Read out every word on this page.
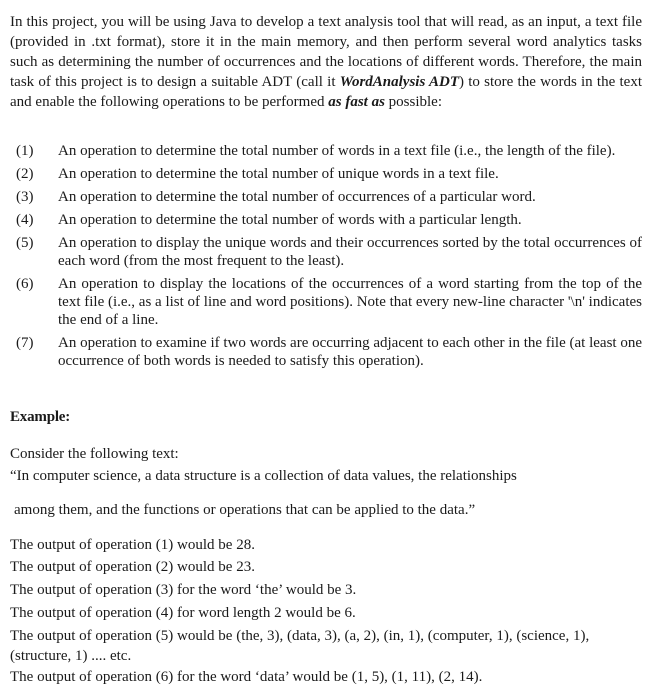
In this project, you will be using Java to develop a text analysis tool that will read, as an input, a text file (provided in .txt format), store it in the main memory, and then perform several word analytics tasks such as determining the number of occurrences and the locations of different words. Therefore, the main task of this project is to design a suitable ADT (call it WordAnalysis ADT) to store the words in the text and enable the following operations to be performed as fast as possible:

(1) An operation to determine the total number of words in a text file (i.e., the length of the file).
(2) An operation to determine the total number of unique words in a text file.
(3) An operation to determine the total number of occurrences of a particular word.
(4) An operation to determine the total number of words with a particular length.
(5) An operation to display the unique words and their occurrences sorted by the total occurrences of each word (from the most frequent to the least).
(6) An operation to display the locations of the occurrences of a word starting from the top of the text file (i.e., as a list of line and word positions). Note that every new-line character '\n' indicates the end of a line.
(7) An operation to examine if two words are occurring adjacent to each other in the file (at least one occurrence of both words is needed to satisfy this operation).

Example:

Consider the following text:

“In computer science, a data structure is a collection of data values, the relationships

among them, and the functions or operations that can be applied to the data.”

The output of operation (1) would be 28.

The output of operation (2) would be 23.

The output of operation (3) for the word ‘the’ would be 3.

The output of operation (4) for word length 2 would be 6.

The output of operation (5) would be (the, 3), (data, 3), (a, 2), (in, 1), (computer, 1), (science, 1), (structure, 1) .... etc.

The output of operation (6) for the word ‘data’ would be (1, 5), (1, 11), (2, 14).
